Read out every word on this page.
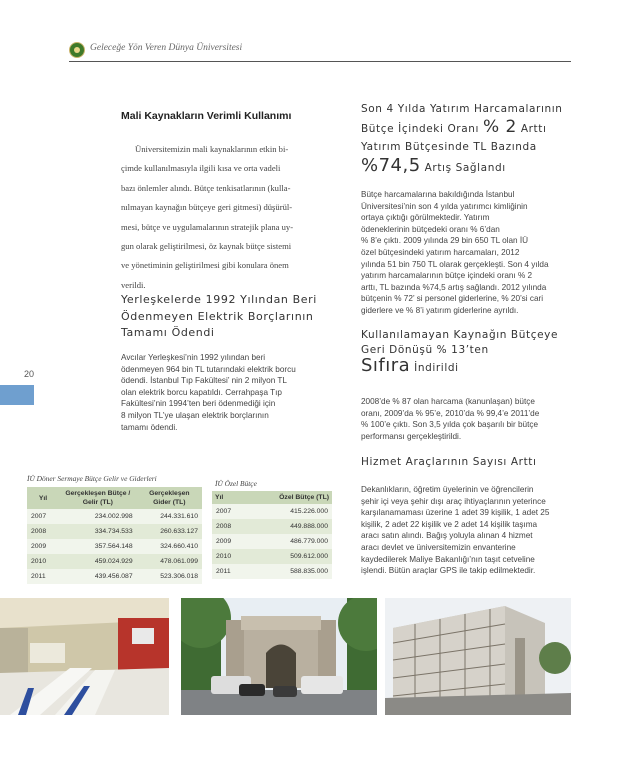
Geleceğe Yön Veren Dünya Üniversitesi
20
Mali Kaynakların Verimli Kullanımı
Üniversitemizin mali kaynaklarının etkin bi-
çimde kullanılmasıyla ilgili kısa ve orta vadeli
bazı önlemler alındı. Bütçe tenkisatlarının (kulla-
nılmayan kaynağın bütçeye geri gitmesi) düşürül-
mesi, bütçe ve uygulamalarının stratejik plana uy-
gun olarak geliştirilmesi, öz kaynak bütçe sistemi
ve yönetiminin geliştirilmesi gibi konulara önem
verildi.
Yerleşkelerde 1992 Yılından Beri
Ödenmeyen Elektrik Borçlarının
Tamamı Ödendi
Avcılar Yerleşkesi’nin 1992 yılından beri
ödenmeyen 964 bin TL tutarındaki elektrik borcu
ödendi. İstanbul Tıp Fakültesi’ nin 2 milyon TL
olan elektrik borcu kapatıldı. Cerrahpaşa Tıp
Fakültesi’nin 1994’ten beri ödenmediği için
8 milyon TL’ye ulaşan elektrik borçlarının
tamamı ödendi.
Son 4 Yılda Yatırım Harcamalarının
Bütçe İçindeki Oranı % 2 Arttı
Yatırım Bütçesinde TL Bazında
%74,5 Artış Sağlandı
Bütçe harcamalarına bakıldığında İstanbul
Üniversitesi’nin son 4 yılda yatırımcı kimliğinin
ortaya çıktığı görülmektedir. Yatırım
ödeneklerinin bütçedeki oranı % 6’dan
% 8’e çıktı. 2009 yılında 29 bin 650 TL olan İÜ
özel bütçesindeki yatırım harcamaları, 2012
yılında 51 bin 750 TL olarak gerçekleşti. Son 4 yılda
yatırım harcamalarının bütçe içindeki oranı % 2
arttı, TL bazında %74,5 artış sağlandı. 2012 yılında
bütçenin % 72’ si personel giderlerine, % 20’si cari
giderlere ve % 8’i yatırım giderlerine ayrıldı.
Kullanılamayan Kaynağın Bütçeye
Geri Dönüşü % 13’ten
Sıfıra İndirildi
2008’de % 87 olan harcama (kanunlaşan) bütçe
oranı, 2009’da % 95’e, 2010’da % 99,4’e 2011’de
% 100’e çıktı. Son 3,5 yılda çok başarılı bir bütçe
performansı gerçekleştirildi.
Hizmet Araçlarının Sayısı Arttı
Dekanlıkların, öğretim üyelerinin ve öğrencilerin
şehir içi veya şehir dışı araç ihtiyaçlarının yeterince
karşılanamaması üzerine 1 adet 39 kişilik, 1 adet 25
kişilik, 2 adet 22 kişilik ve 2 adet 14 kişilik taşıma
aracı satın alındı. Bağış yoluyla alınan 4 hizmet
aracı devlet ve üniversitemizin envanterine
kaydedilerek Maliye Bakanlığı’nın taşıt cetveline
işlendi. Bütün araçlar GPS ile takip edilmektedir.
İÜ Döner Sermaye Bütçe Gelir ve Giderleri
Yıl	Gerçekleşen Bütçe / Gelir (TL)	Gerçekleşen Gider (TL)
2007	234.002.998	244.331.610
2008	334.734.533	260.633.127
2009	357.564.148	324.660.410
2010	459.024.929	478.061.099
2011	439.456.087	523.306.018
İÜ Özel Bütçe
Yıl	Özel Bütçe (TL)
2007	415.226.000
2008	449.888.000
2009	486.779.000
2010	509.612.000
2011	588.835.000
